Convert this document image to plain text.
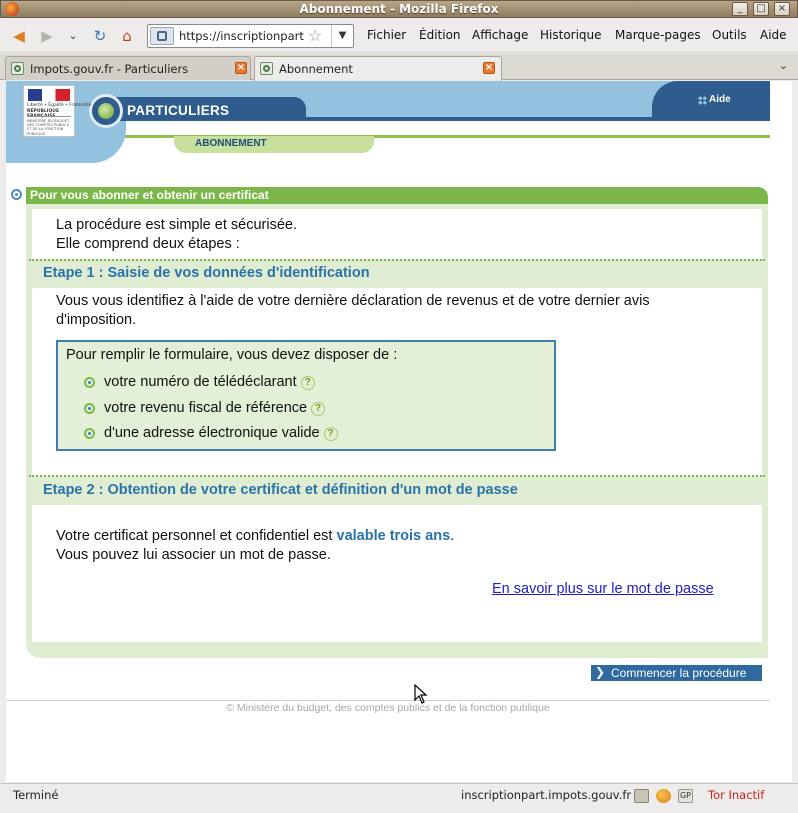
Abonnement - Mozilla Firefox	_	□	×
◀ ▶	⌄	↻	⌂	https://inscriptionpart ☆	▼	Fichier Édition Affichage Historique Marque-pages Outils Aide
Impots.gouv.fr - Particuliers	×	Abonnement	×	⌄
PARTICULIERS
Liberté • Égalité • Fraternité
RÉPUBLIQUE
MINISTÈRE DU BUDGET, DES COMPTES PUBLICS ET DE LA FONCTION PUBLIQUE
Aide
ABONNEMENT
Pour vous abonner et obtenir un certificat
La procédure est simple et sécurisée.
Elle comprend deux étapes :
Etape 1 : Saisie de vos données d'identification
Vous vous identifiez à l'aide de votre dernière déclaration de revenus et de votre dernier avis
d'imposition.
Pour remplir le formulaire, vous devez disposer de :
votre numéro de télédéclarant ?
votre revenu fiscal de référence ?
d'une adresse électronique valide ?
Etape 2 : Obtention de votre certificat et définition d'un mot de passe
Votre certificat personnel et confidentiel est valable trois ans.
Vous pouvez lui associer un mot de passe.
En savoir plus sur le mot de passe
❯ Commencer la procédure
© Ministère du budget, des comptes publics et de la fonction publique
Terminé	inscriptionpart.impots.gouv.fr	GP Tor Inactif
